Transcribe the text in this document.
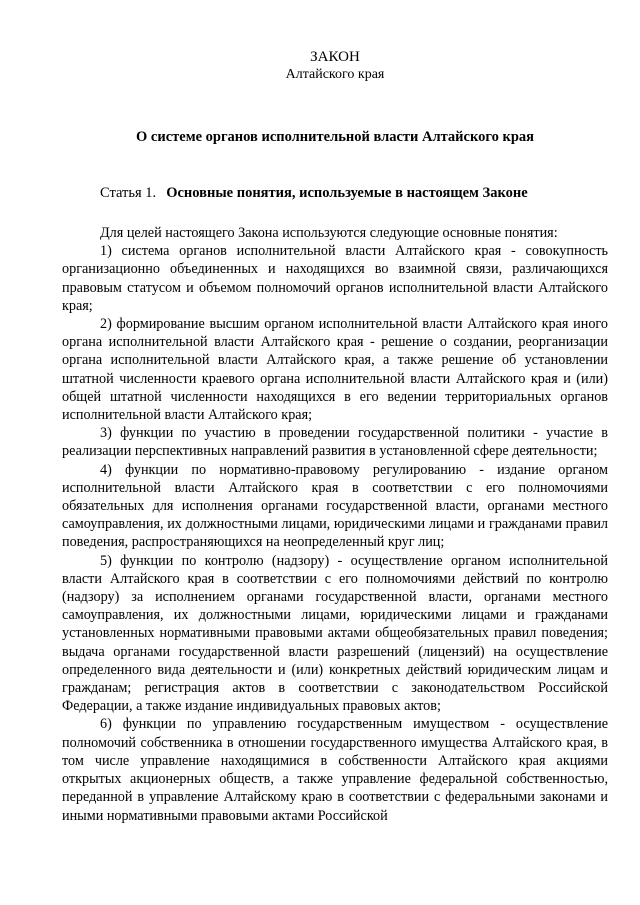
ЗАКОН
Алтайского края
О системе органов исполнительной власти Алтайского края
Статья 1. Основные понятия, используемые в настоящем Законе

Для целей настоящего Закона используются следующие основные понятия:

1) система органов исполнительной власти Алтайского края - совокупность организационно объединенных и находящихся во взаимной связи, различающихся правовым статусом и объемом полномочий органов исполнительной власти Алтайского края;

2) формирование высшим органом исполнительной власти Алтайского края иного органа исполнительной власти Алтайского края - решение о создании, реорганизации органа исполнительной власти Алтайского края, а также решение об установлении штатной численности краевого органа исполнительной власти Алтайского края и (или) общей штатной численности находящихся в его ведении территориальных органов исполнительной власти Алтайского края;

3) функции по участию в проведении государственной политики - участие в реализации перспективных направлений развития в установленной сфере деятельности;

4) функции по нормативно-правовому регулированию - издание органом исполнительной власти Алтайского края в соответствии с его полномочиями обязательных для исполнения органами государственной власти, органами местного самоуправления, их должностными лицами, юридическими лицами и гражданами правил поведения, распространяющихся на неопределенный круг лиц;

5) функции по контролю (надзору) - осуществление органом исполнительной власти Алтайского края в соответствии с его полномочиями действий по контролю (надзору) за исполнением органами государственной власти, органами местного самоуправления, их должностными лицами, юридическими лицами и гражданами установленных нормативными правовыми актами общеобязательных правил поведения; выдача органами государственной власти разрешений (лицензий) на осуществление определенного вида деятельности и (или) конкретных действий юридическим лицам и гражданам; регистрация актов в соответствии с законодательством Российской Федерации, а также издание индивидуальных правовых актов;

6) функции по управлению государственным имуществом - осуществление полномочий собственника в отношении государственного имущества Алтайского края, в том числе управление находящимися в собственности Алтайского края акциями открытых акционерных обществ, а также управление федеральной собственностью, переданной в управление Алтайскому краю в соответствии с федеральными законами и иными нормативными правовыми актами Российской
